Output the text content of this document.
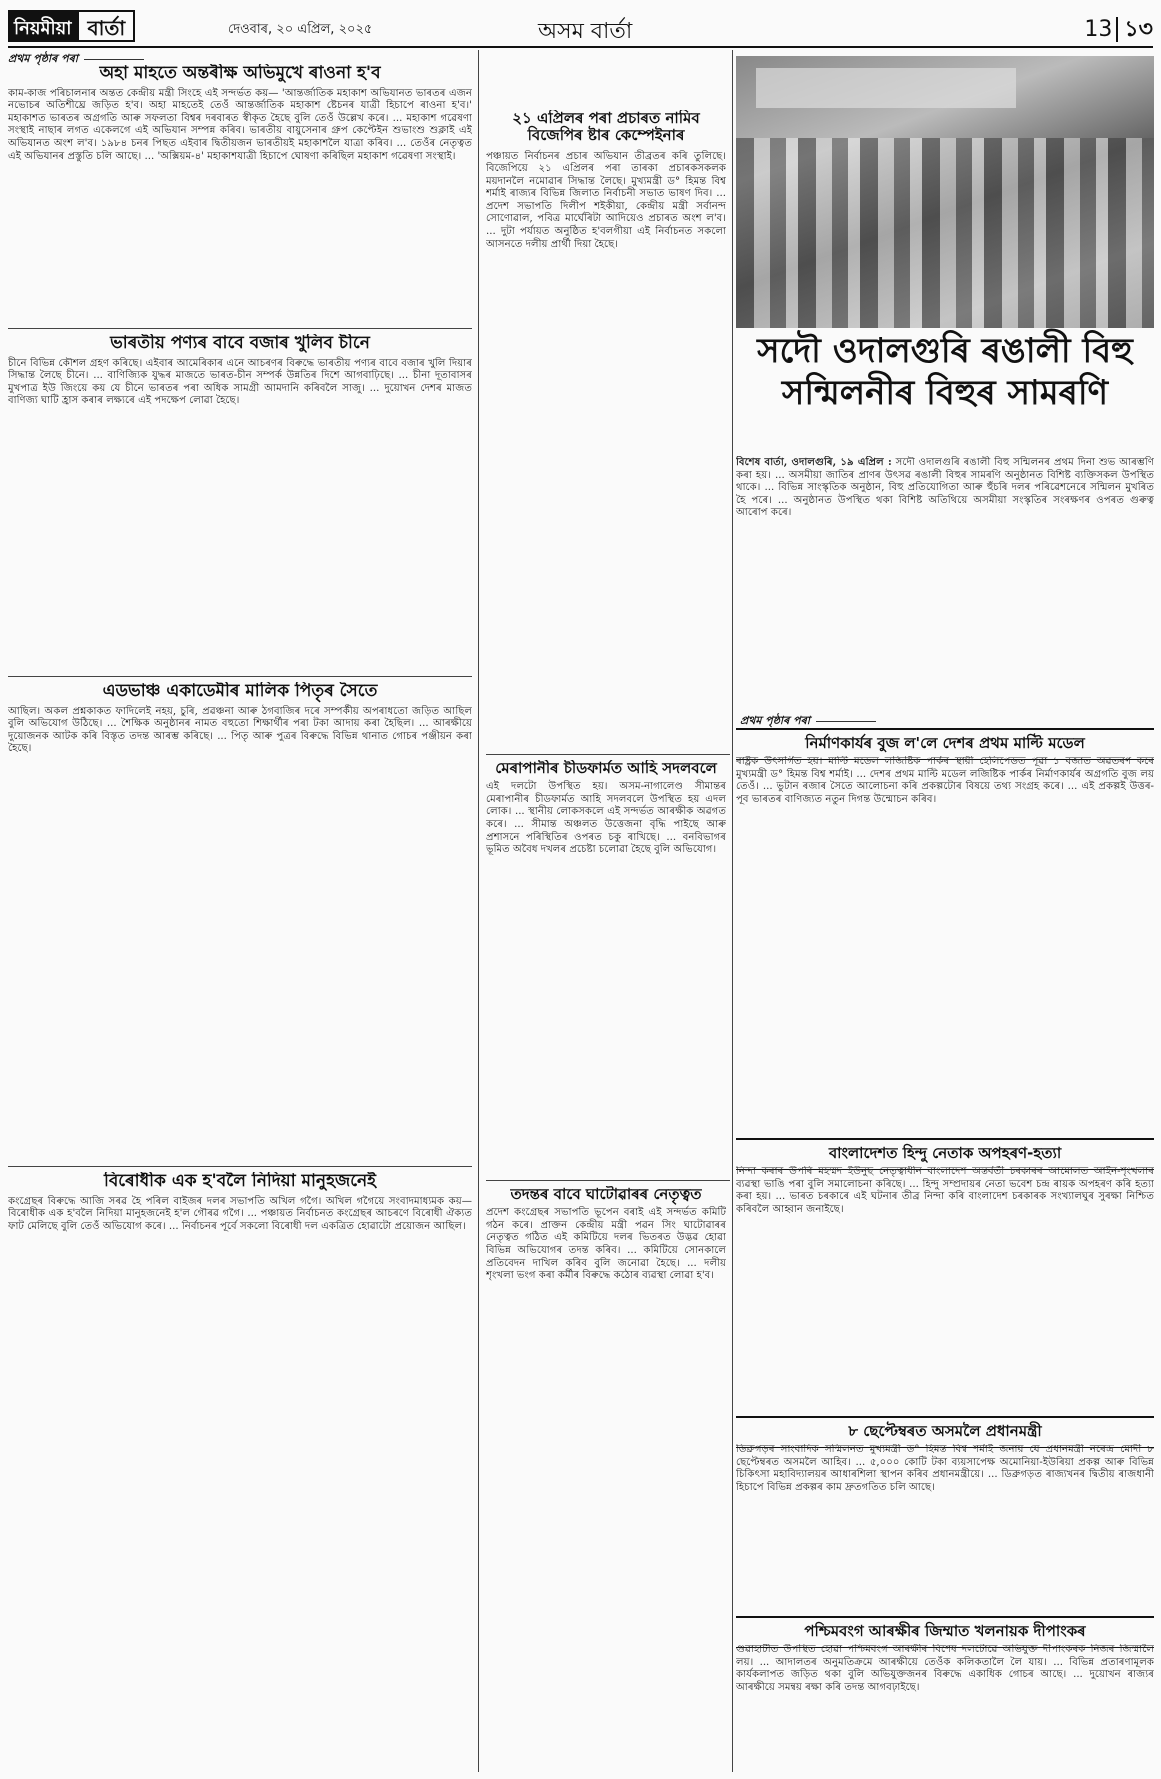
নিয়মীয়া বাৰ্তা	দেওবাৰ, ২০ এপ্ৰিল, ২০২৫	অসম বাৰ্তা	13 ১৩
প্ৰথম পৃষ্ঠাৰ পৰা
অহা মাহতে অন্তৰীক্ষ অভিমুখে ৰাওনা হ'ব
কাম-কাজ পৰিচালনাৰ অন্তত কেন্দ্ৰীয় মন্ত্ৰী সিংহে এই সন্দৰ্ভত কয়— 'আন্তৰ্জাতিক মহাকাশ অভিযানত ভাৰতৰ এজন নভোচৰ অতিশীঘ্ৰে জড়িত হ'ব। অহা মাহতেই তেওঁ আন্তৰ্জাতিক মহাকাশ ষ্টেচনৰ যাত্ৰী হিচাপে ৰাওনা হ'ব।' মহাকাশত ভাৰতৰ অগ্ৰগতি আৰু সফলতা বিশ্বৰ দৰবাৰত স্বীকৃত হৈছে বুলি তেওঁ উল্লেখ কৰে। ... মহাকাশ গৱেষণা সংস্থাই নাছাৰ লগত একেলগে এই অভিযান সম্পন্ন কৰিব। ভাৰতীয় বায়ুসেনাৰ গ্ৰুপ কেপ্টেইন শুভাংশু শুক্লাই এই অভিযানত অংশ ল'ব। ১৯৮৪ চনৰ পিছত এইবাৰ দ্বিতীয়জন ভাৰতীয়ই মহাকাশলৈ যাত্ৰা কৰিব। ... তেওঁৰ নেতৃত্বত এই অভিযানৰ প্ৰস্তুতি চলি আছে। ... 'অক্সিয়ম-৪' মহাকাশযাত্ৰী হিচাপে ঘোষণা কৰিছিল মহাকাশ গৱেষণা সংস্থাই।
ভাৰতীয় পণ্যৰ বাবে বজাৰ খুলিব চীনে
চীনে বিভিন্ন কৌশল গ্ৰহণ কৰিছে। এইবাৰ আমেৰিকাৰ এনে আচৰণৰ বিৰুদ্ধে ভাৰতীয় পণ্যৰ বাবে বজাৰ খুলি দিয়াৰ সিদ্ধান্ত লৈছে চীনে। ... বাণিজ্যিক যুদ্ধৰ মাজতে ভাৰত-চীন সম্পৰ্ক উন্নতিৰ দিশে আগবাঢ়িছে। ... চীনা দূতাবাসৰ মুখপাত্ৰ ইউ জিংয়ে কয় যে চীনে ভাৰতৰ পৰা অধিক সামগ্ৰী আমদানি কৰিবলৈ সাজু। ... দুয়োখন দেশৰ মাজত বাণিজ্য ঘাটি হ্ৰাস কৰাৰ লক্ষ্যৰে এই পদক্ষেপ লোৱা হৈছে।
এডভাঞ্চ একাডেমীৰ মালিক পিতৃৰ সৈতে
আছিল। অকল প্ৰশ্নকাকত ফাদিলেই নহয়, চুৰি, প্ৰৱঞ্চনা আৰু ঠগবাজিৰ দৰে সম্পৰ্কীয় অপৰাধতো জড়িত আছিল বুলি অভিযোগ উঠিছে। ... শৈক্ষিক অনুষ্ঠানৰ নামত বহুতো শিক্ষাৰ্থীৰ পৰা টকা আদায় কৰা হৈছিল। ... আৰক্ষীয়ে দুয়োজনক আটক কৰি বিস্তৃত তদন্ত আৰম্ভ কৰিছে। ... পিতৃ আৰু পুত্ৰৰ বিৰুদ্ধে বিভিন্ন থানাত গোচৰ পঞ্জীয়ন কৰা হৈছে।
বিৰোধীক এক হ'বলৈ নিদিয়া মানুহজনেই
কংগ্ৰেছৰ বিৰুদ্ধে আজি সৰৱ হৈ পৰিল বাইজৰ দলৰ সভাপতি অখিল গগৈ। অখিল গগৈয়ে সংবাদমাধ্যমক কয়— বিৰোধীক এক হ'বলৈ নিদিয়া মানুহজনেই হ'ল গৌৰৱ গগৈ। ... পঞ্চায়ত নিৰ্বাচনত কংগ্ৰেছৰ আচৰণে বিৰোধী ঐক্যত ফাট মেলিছে বুলি তেওঁ অভিযোগ কৰে। ... নিৰ্বাচনৰ পূৰ্বে সকলো বিৰোধী দল একত্ৰিত হোৱাটো প্ৰয়োজন আছিল।
২১ এপ্ৰিলৰ পৰা প্ৰচাৰত নামিব বিজেপিৰ ষ্টাৰ কেম্পেইনাৰ
পঞ্চায়ত নিৰ্বাচনৰ প্ৰচাৰ অভিযান তীব্ৰতৰ কৰি তুলিছে। বিজেপিয়ে ২১ এপ্ৰিলৰ পৰা তাৰকা প্ৰচাৰকসকলক ময়দানলৈ নমোৱাৰ সিদ্ধান্ত লৈছে। মুখ্যমন্ত্ৰী ড° হিমন্ত বিশ্ব শৰ্মাই ৰাজ্যৰ বিভিন্ন জিলাত নিৰ্বাচনী সভাত ভাষণ দিব। ... প্ৰদেশ সভাপতি দিলীপ শইকীয়া, কেন্দ্ৰীয় মন্ত্ৰী সৰ্বানন্দ সোণোৱাল, পবিত্ৰ মাৰ্ঘেৰিটা আদিয়েও প্ৰচাৰত অংশ ল'ব। ... দুটা পৰ্যায়ত অনুষ্ঠিত হ'বলগীয়া এই নিৰ্বাচনত সকলো আসনতে দলীয় প্ৰাৰ্থী দিয়া হৈছে।
মেৰাপানীৰ চীডফাৰ্মত আহি সদলবলে
এই দলটো উপস্থিত হয়। অসম-নাগালেণ্ড সীমান্তৰ মেৰাপানীৰ চীডফাৰ্মত আহি সদলবলে উপস্থিত হয় এদল লোক। ... স্থানীয় লোকসকলে এই সন্দৰ্ভত আৰক্ষীক অৱগত কৰে। ... সীমান্ত অঞ্চলত উত্তেজনা বৃদ্ধি পাইছে আৰু প্ৰশাসনে পৰিস্থিতিৰ ওপৰত চকু ৰাখিছে। ... বনবিভাগৰ ভূমিত অবৈধ দখলৰ প্ৰচেষ্টা চলোৱা হৈছে বুলি অভিযোগ।
তদন্তৰ বাবে ঘাটোৱাৰৰ নেতৃত্বত
প্ৰদেশ কংগ্ৰেছৰ সভাপতি ভূপেন বৰাই এই সন্দৰ্ভত কমিটি গঠন কৰে। প্ৰাক্তন কেন্দ্ৰীয় মন্ত্ৰী পৱন সিং ঘাটোৱাৰৰ নেতৃত্বত গঠিত এই কমিটিয়ে দলৰ ভিতৰত উদ্ভৱ হোৱা বিভিন্ন অভিযোগৰ তদন্ত কৰিব। ... কমিটিয়ে সোনকালে প্ৰতিবেদন দাখিল কৰিব বুলি জনোৱা হৈছে। ... দলীয় শৃংখলা ভংগ কৰা কৰ্মীৰ বিৰুদ্ধে কঠোৰ ব্যৱস্থা লোৱা হ'ব।
সদৌ ওদালগুৰি ৰঙালী বিহু সন্মিলনীৰ বিহুৰ সামৰণি
বিশেষ বাৰ্তা, ওদালগুৰি, ১৯ এপ্ৰিল : সদৌ ওদালগুৰি ৰঙালী বিহু সন্মিলনৰ প্ৰথম দিনা শুভ আৰম্ভণি কৰা হয়। ... অসমীয়া জাতিৰ প্ৰাণৰ উৎসৱ ৰঙালী বিহুৰ সামৰণি অনুষ্ঠানত বিশিষ্ট ব্যক্তিসকল উপস্থিত থাকে। ... বিভিন্ন সাংস্কৃতিক অনুষ্ঠান, বিহু প্ৰতিযোগিতা আৰু হুঁচৰি দলৰ পৰিৱেশনেৰে সন্মিলন মুখৰিত হৈ পৰে। ... অনুষ্ঠানত উপস্থিত থকা বিশিষ্ট অতিথিয়ে অসমীয়া সংস্কৃতিৰ সংৰক্ষণৰ ওপৰত গুৰুত্ব আৰোপ কৰে।
প্ৰথম পৃষ্ঠাৰ পৰা
নিৰ্মাণকাৰ্যৰ বুজ ল'লে দেশৰ প্ৰথম মাল্টি মডেল
ৰাষ্ট্ৰক উৎসৰ্গিত হয়। মাল্টি মডেল লজিষ্টিক পাৰ্কৰ স্থায়ী হেলিপেডত পূৱা ১ বজাত অৱতৰণ কৰে মুখ্যমন্ত্ৰী ড° হিমন্ত বিশ্ব শৰ্মাই। ... দেশৰ প্ৰথম মাল্টি মডেল লজিষ্টিক পাৰ্কৰ নিৰ্মাণকাৰ্যৰ অগ্ৰগতি বুজ লয় তেওঁ। ... ভুটান ৰজাৰ সৈতে আলোচনা কৰি প্ৰকল্পটোৰ বিষয়ে তথ্য সংগ্ৰহ কৰে। ... এই প্ৰকল্পই উত্তৰ-পূব ভাৰতৰ বাণিজ্যত নতুন দিগন্ত উন্মোচন কৰিব।
বাংলাদেশত হিন্দু নেতাক অপহৰণ-হত্যা
নিন্দা কৰাৰ উপৰি মহম্মদ ইউনুছ নেতৃত্বাধীন বাংলাদেশ অন্তৰ্বৰ্তী চৰকাৰৰ আমোলত আইন-শৃংখলাৰ ব্যৱস্থা ভাঙি পৰা বুলি সমালোচনা কৰিছে। ... হিন্দু সম্প্ৰদায়ৰ নেতা ভবেশ চন্দ্ৰ ৰায়ক অপহৰণ কৰি হত্যা কৰা হয়। ... ভাৰত চৰকাৰে এই ঘটনাৰ তীব্ৰ নিন্দা কৰি বাংলাদেশ চৰকাৰক সংখ্যালঘুৰ সুৰক্ষা নিশ্চিত কৰিবলৈ আহ্বান জনাইছে।
৮ ছেপ্টেম্বৰত অসমলৈ প্ৰধানমন্ত্ৰী
ডিব্ৰুগড়ৰ সাংবাদিক সন্মিলনত মুখ্যমন্ত্ৰী ড° হিমন্ত বিশ্ব শৰ্মাই জনায় যে প্ৰধানমন্ত্ৰী নৰেন্দ্ৰ মোদী ৮ ছেপ্টেম্বৰত অসমলৈ আহিব। ... ৫,০০০ কোটি টকা ব্যয়সাপেক্ষ অমোনিয়া-ইউৰিয়া প্ৰকল্প আৰু বিভিন্ন চিকিৎসা মহাবিদ্যালয়ৰ আধাৰশিলা স্থাপন কৰিব প্ৰধানমন্ত্ৰীয়ে। ... ডিব্ৰুগড়ত ৰাজ্যখনৰ দ্বিতীয় ৰাজধানী হিচাপে বিভিন্ন প্ৰকল্পৰ কাম দ্ৰুতগতিত চলি আছে।
পশ্চিমবংগ আৰক্ষীৰ জিম্মাত খলনায়ক দীপাংকৰ
গুৱাহাটীত উপস্থিত হোৱা পশ্চিমবংগ আৰক্ষীৰ বিশেষ দলটোৱে অভিযুক্ত দীপাংকৰক নিজৰ জিম্মালৈ লয়। ... আদালতৰ অনুমতিক্ৰমে আৰক্ষীয়ে তেওঁক কলিকতালৈ লৈ যায়। ... বিভিন্ন প্ৰতাৰণামূলক কাৰ্যকলাপত জড়িত থকা বুলি অভিযুক্তজনৰ বিৰুদ্ধে একাধিক গোচৰ আছে। ... দুয়োখন ৰাজ্যৰ আৰক্ষীয়ে সমন্বয় ৰক্ষা কৰি তদন্ত আগবঢ়াইছে।
